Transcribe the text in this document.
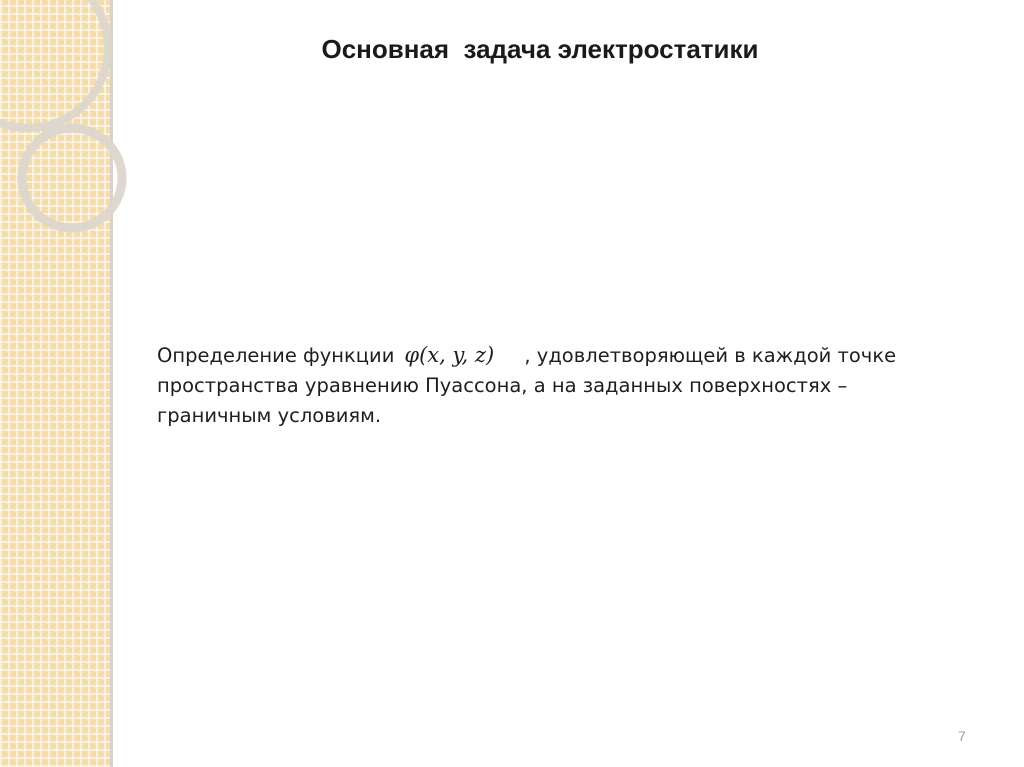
Основная  задача электростатики
Определение функции φ(x, y, z) , удовлетворяющей в каждой точке
пространства уравнению Пуассона, а на заданных поверхностях –
граничным условиям.
7
